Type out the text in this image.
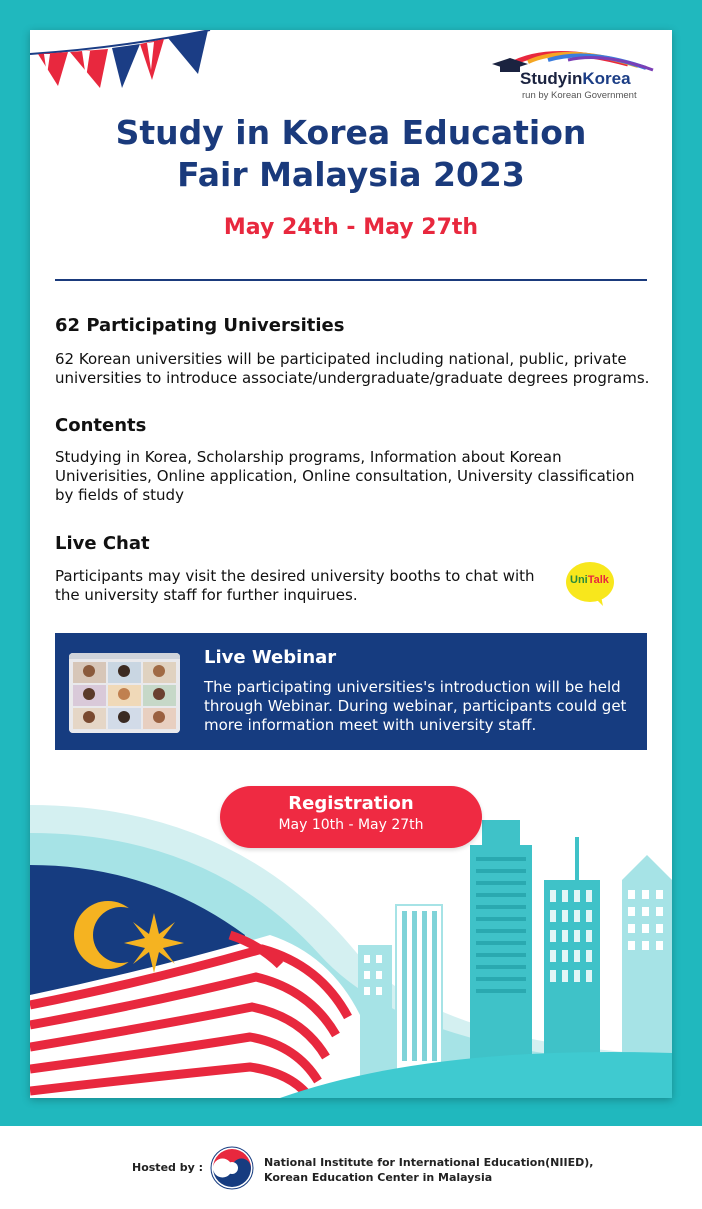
StudyinKorea
run by Korean Government
Study in Korea Education
Fair Malaysia 2023
May 24th - May 27th
62 Participating Universities
62 Korean universities will be participated including national, public, private universities to introduce associate/undergraduate/graduate degrees programs.
Contents
Studying in Korea, Scholarship programs, Information about Korean Univerisities, Online application, Online consultation, University classification by fields of study
Live Chat
Participants may visit the desired university booths to chat with the university staff for further inquirues.
UniTalk
Live Webinar
The participating universities's introduction will be held through Webinar. During webinar, participants could get more information meet with university staff.
Registration
May 10th - May 27th
Hosted by :	National Institute for International Education(NIIED),
Korean Education Center in Malaysia
